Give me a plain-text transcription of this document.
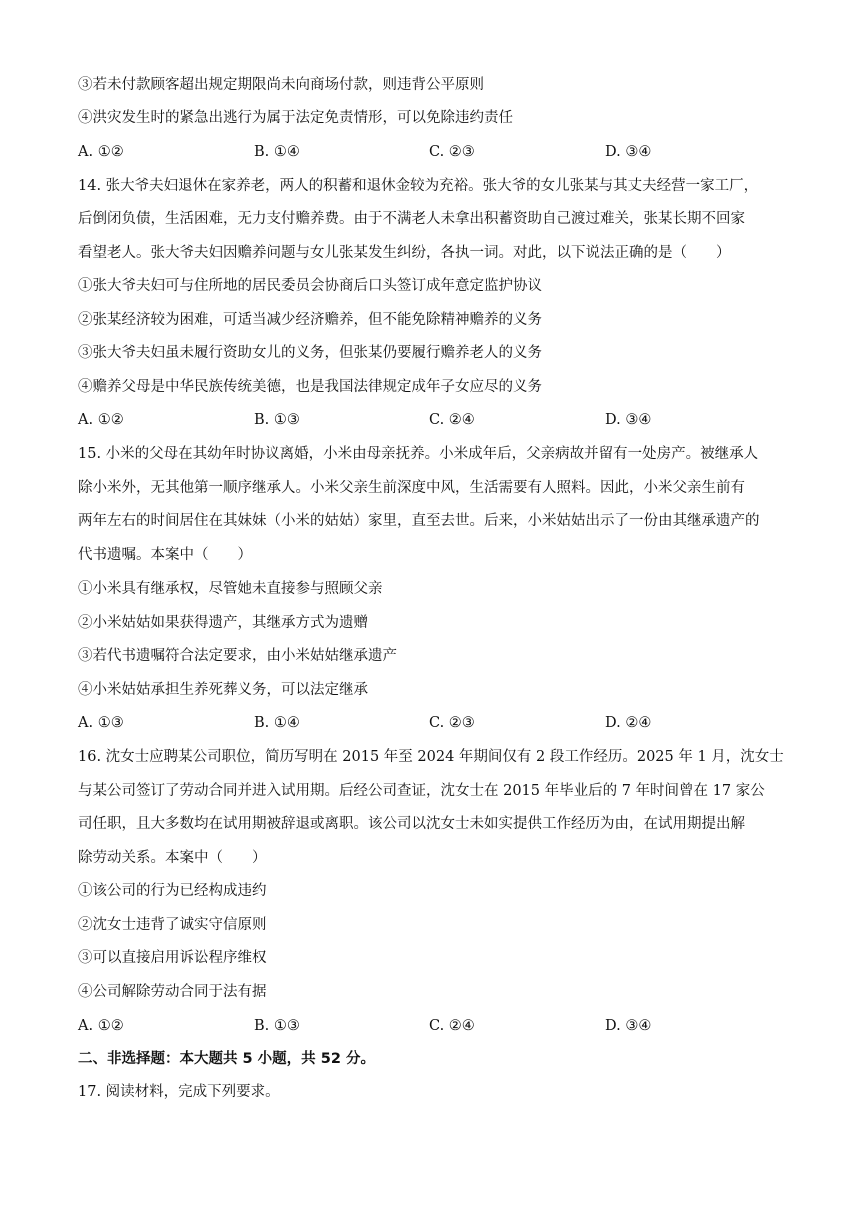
③若未付款顾客超出规定期限尚未向商场付款，则违背公平原则
④洪灾发生时的紧急出逃行为属于法定免责情形，可以免除违约责任
A. ①②	B. ①④	C. ②③	D. ③④
14. 张大爷夫妇退休在家养老，两人的积蓄和退休金较为充裕。张大爷的女儿张某与其丈夫经营一家工厂，
后倒闭负债，生活困难，无力支付赡养费。由于不满老人未拿出积蓄资助自己渡过难关，张某长期不回家
看望老人。张大爷夫妇因赡养问题与女儿张某发生纠纷，各执一词。对此，以下说法正确的是（　　）
①张大爷夫妇可与住所地的居民委员会协商后口头签订成年意定监护协议
②张某经济较为困难，可适当减少经济赡养，但不能免除精神赡养的义务
③张大爷夫妇虽未履行资助女儿的义务，但张某仍要履行赡养老人的义务
④赡养父母是中华民族传统美德，也是我国法律规定成年子女应尽的义务
A. ①②	B. ①③	C. ②④	D. ③④
15. 小米的父母在其幼年时协议离婚，小米由母亲抚养。小米成年后，父亲病故并留有一处房产。被继承人
除小米外，无其他第一顺序继承人。小米父亲生前深度中风，生活需要有人照料。因此，小米父亲生前有
两年左右的时间居住在其妹妹（小米的姑姑）家里，直至去世。后来，小米姑姑出示了一份由其继承遗产的
代书遗嘱。本案中（　　）
①小米具有继承权，尽管她未直接参与照顾父亲
②小米姑姑如果获得遗产，其继承方式为遗赠
③若代书遗嘱符合法定要求，由小米姑姑继承遗产
④小米姑姑承担生养死葬义务，可以法定继承
A. ①③	B. ①④	C. ②③	D. ②④
16. 沈女士应聘某公司职位，简历写明在 2015 年至 2024 年期间仅有 2 段工作经历。2025 年 1 月，沈女士
与某公司签订了劳动合同并进入试用期。后经公司查证，沈女士在 2015 年毕业后的 7 年时间曾在 17 家公
司任职，且大多数均在试用期被辞退或离职。该公司以沈女士未如实提供工作经历为由，在试用期提出解
除劳动关系。本案中（　　）
①该公司的行为已经构成违约
②沈女士违背了诚实守信原则
③可以直接启用诉讼程序维权
④公司解除劳动合同于法有据
A. ①②	B. ①③	C. ②④	D. ③④
二、非选择题：本大题共 5 小题，共 52 分。
17. 阅读材料，完成下列要求。
